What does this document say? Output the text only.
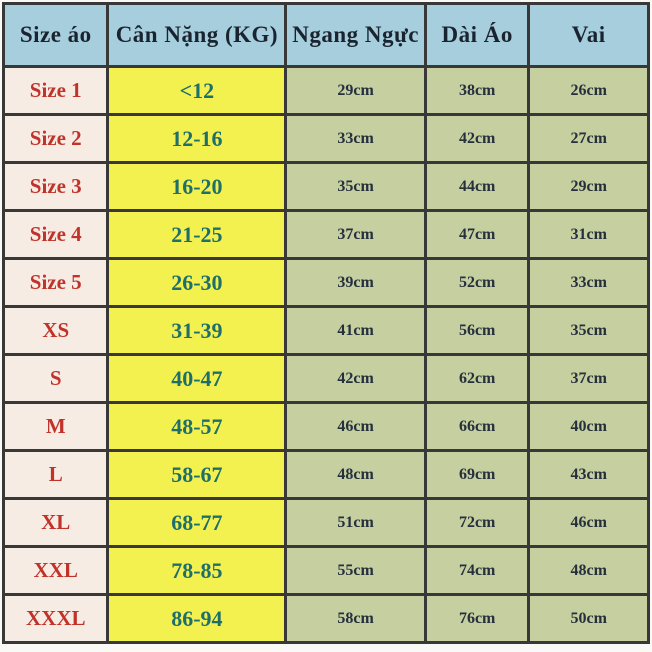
Size áo	Cân Nặng (KG)	Ngang Ngực	Dài Áo	Vai
Size 1	<12	29cm	38cm	26cm
Size 2	12-16	33cm	42cm	27cm
Size 3	16-20	35cm	44cm	29cm
Size 4	21-25	37cm	47cm	31cm
Size 5	26-30	39cm	52cm	33cm
XS	31-39	41cm	56cm	35cm
S	40-47	42cm	62cm	37cm
M	48-57	46cm	66cm	40cm
L	58-67	48cm	69cm	43cm
XL	68-77	51cm	72cm	46cm
XXL	78-85	55cm	74cm	48cm
XXXL	86-94	58cm	76cm	50cm
